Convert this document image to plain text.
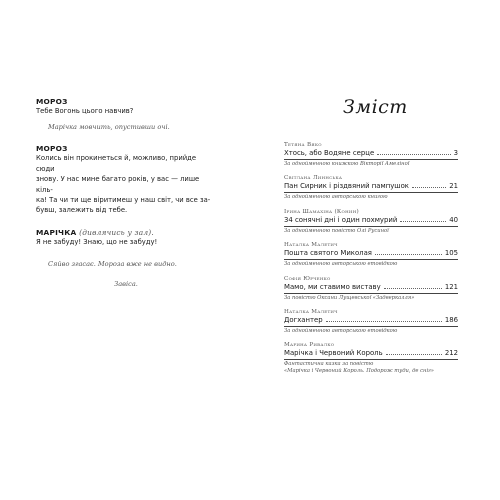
МОРОЗ
Тебе Вогонь цього навчив?
Марічка мовчить, опустивши очі.
МОРОЗ
Колись він прокинеться й, можливо, прийде сюди
знову. У нас мине багато років, у вас — лише кіль-
ка! Та чи ти ще віритимеш у наш світ, чи все за-
бувш, залежить від тебе.
МАРІЧКА (дивлячись у зал).
Я не забуду! Знаю, що не забуду!
Сяйво згасає. Мороза вже не видно.
Завіса.
Зміст
Тетяна Вяко
Хтось, або Водяне серце	3
За однойменною книжкою Вікторії Амеліної
Світлана Линнська
Пан Сирник і різдвяний пампушок	21
За однойменною авторською книгою
Ірина Шамахіна (Конин)
34 сонячні дні і один похмурий	40
За однойменною повістю Олі Русиної
Наталка Малетич
Пошта святого Миколая	105
За однойменною авторською етовідкою
Софія Юрченко
Мамо, ми ставимо виставу	121
За повістю Оксани Лущевської «Задверкалля»
Наталка Малетич
Догхантер	186
За однойменною авторською етовідкою
Марина Ривалко
Марічка і Червоний Король	212
Фантастична казка за повістю
«Марічка і Червоний Король. Подорож туди, де сніг»
